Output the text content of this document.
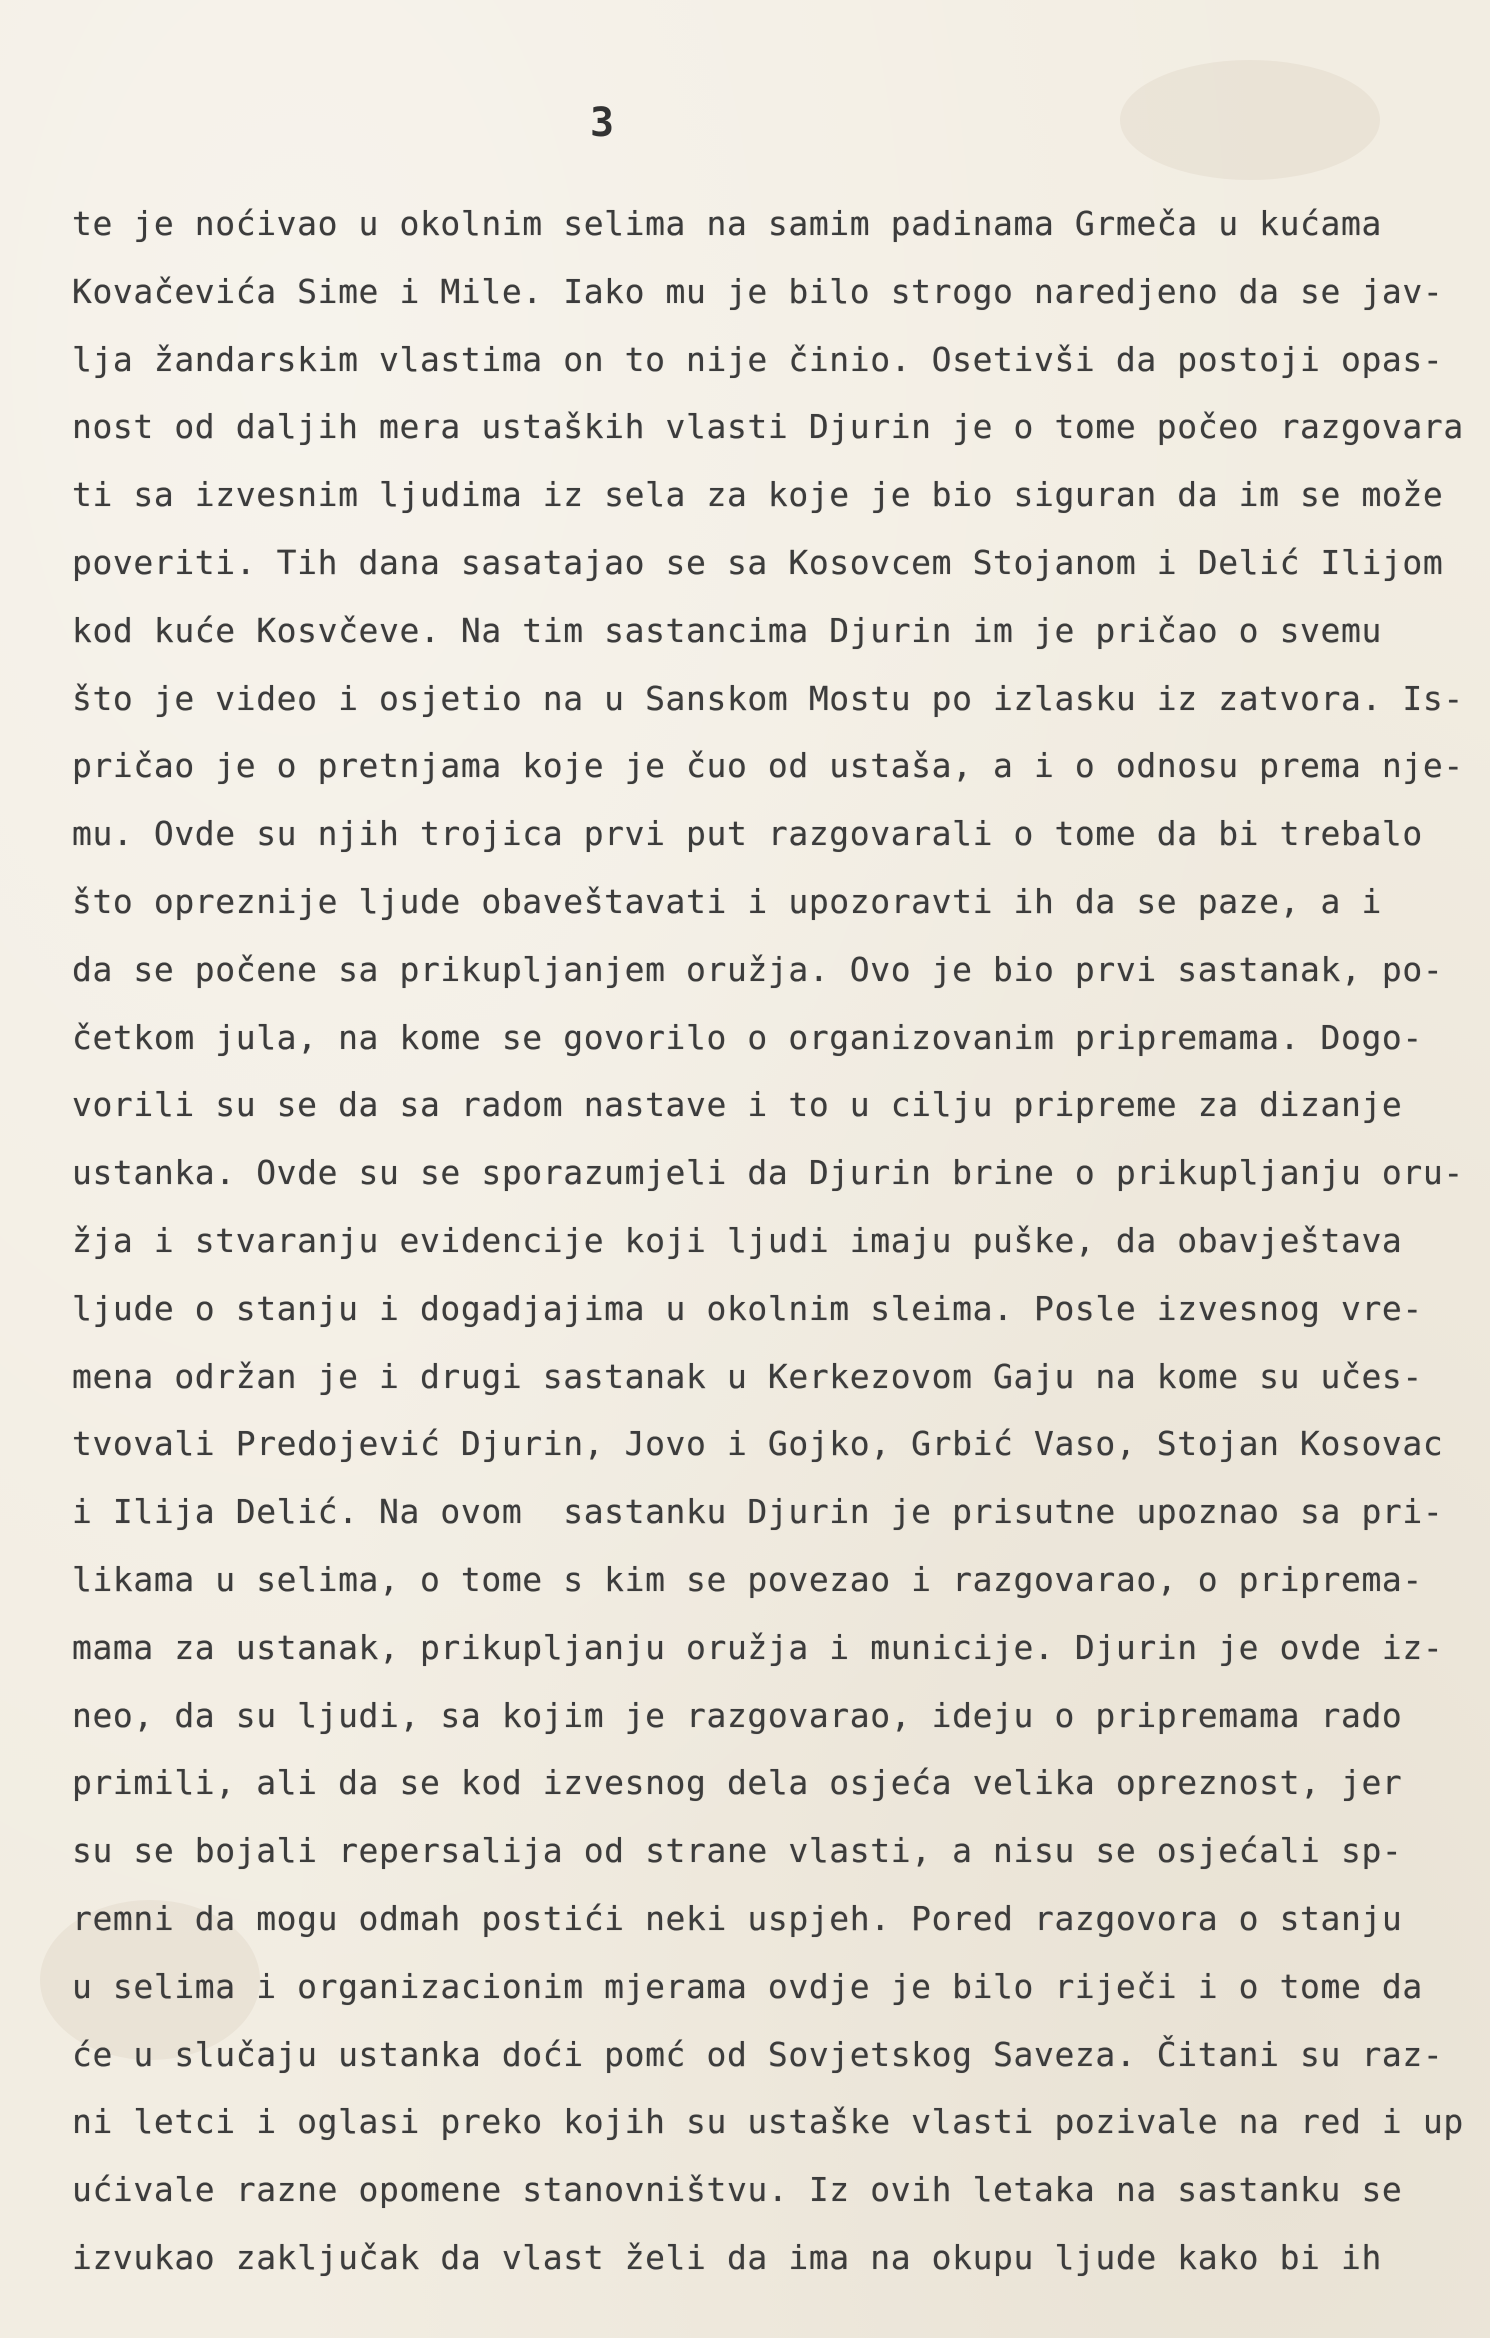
3
te je noćivao u okolnim selima na samim padinama Grmeča u kućama
Kovačevića Sime i Mile. Iako mu je bilo strogo naredjeno da se jav-
lja žandarskim vlastima on to nije činio. Osetivši da postoji opas-
nost od daljih mera ustaških vlasti Djurin je o tome počeo razgovara
ti sa izvesnim ljudima iz sela za koje je bio siguran da im se može
poveriti. Tih dana sasatajao se sa Kosovcem Stojanom i Delić Ilijom
kod kuće Kosvčeve. Na tim sastancima Djurin im je pričao o svemu
što je video i osjetio na u Sanskom Mostu po izlasku iz zatvora. Is-
pričao je o pretnjama koje je čuo od ustaša, a i o odnosu prema nje-
mu. Ovde su njih trojica prvi put razgovarali o tome da bi trebalo
što opreznije ljude obaveštavati i upozoravti ih da se paze, a i
da se počene sa prikupljanjem oružja. Ovo je bio prvi sastanak, po-
četkom jula, na kome se govorilo o organizovanim pripremama. Dogo-
vorili su se da sa radom nastave i to u cilju pripreme za dizanje
ustanka. Ovde su se sporazumjeli da Djurin brine o prikupljanju oru-
žja i stvaranju evidencije koji ljudi imaju puške, da obavještava
ljude o stanju i dogadjajima u okolnim sleima. Posle izvesnog vre-
mena održan je i drugi sastanak u Kerkezovom Gaju na kome su učes-
tvovali Predojević Djurin, Jovo i Gojko, Grbić Vaso, Stojan Kosovac
i Ilija Delić. Na ovom  sastanku Djurin je prisutne upoznao sa pri-
likama u selima, o tome s kim se povezao i razgovarao, o priprema-
mama za ustanak, prikupljanju oružja i municije. Djurin je ovde iz-
neo, da su ljudi, sa kojim je razgovarao, ideju o pripremama rado
primili, ali da se kod izvesnog dela osjeća velika opreznost, jer
su se bojali repersalija od strane vlasti, a nisu se osjećali sp-
remni da mogu odmah postići neki uspjeh. Pored razgovora o stanju
u selima i organizacionim mjerama ovdje je bilo riječi i o tome da
će u slučaju ustanka doći pomć od Sovjetskog Saveza. Čitani su raz-
ni letci i oglasi preko kojih su ustaške vlasti pozivale na red i up
ućivale razne opomene stanovništvu. Iz ovih letaka na sastanku se
izvukao zaključak da vlast želi da ima na okupu ljude kako bi ih
